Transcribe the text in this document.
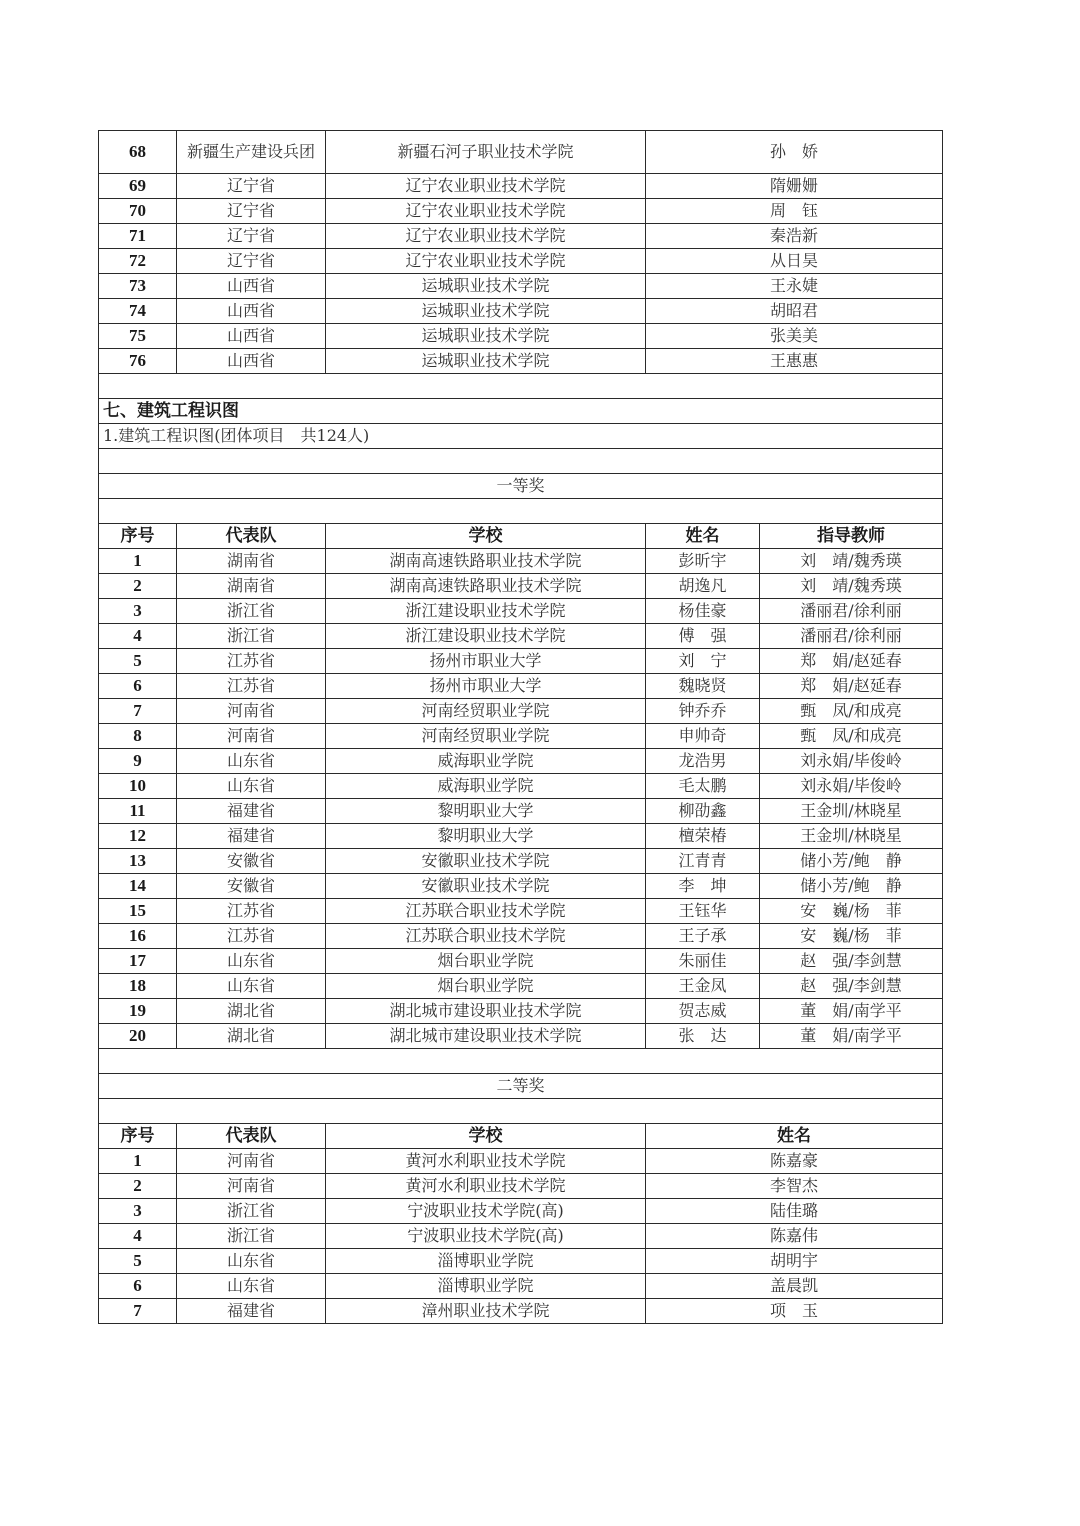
68	新疆生产建设兵团	新疆石河子职业技术学院	孙　娇	
69	辽宁省	辽宁农业职业技术学院	隋姗姗	
70	辽宁省	辽宁农业职业技术学院	周　钰	
71	辽宁省	辽宁农业职业技术学院	秦浩新	
72	辽宁省	辽宁农业职业技术学院	从日昊	
73	山西省	运城职业技术学院	王永婕	
74	山西省	运城职业技术学院	胡昭君	
75	山西省	运城职业技术学院	张美美	
76	山西省	运城职业技术学院	王惠惠	

七、建筑工程识图				
1.建筑工程识图(团体项目　共124人)				

一等奖				

序号	代表队	学校	姓名	指导教师
1	湖南省	湖南高速铁路职业技术学院	彭昕宇	刘　靖/魏秀瑛
2	湖南省	湖南高速铁路职业技术学院	胡逸凡	刘　靖/魏秀瑛
3	浙江省	浙江建设职业技术学院	杨佳豪	潘丽君/徐利丽
4	浙江省	浙江建设职业技术学院	傅　强	潘丽君/徐利丽
5	江苏省	扬州市职业大学	刘　宁	郑　娟/赵延春
6	江苏省	扬州市职业大学	魏晓贤	郑　娟/赵延春
7	河南省	河南经贸职业学院	钟乔乔	甄　凤/和成亮
8	河南省	河南经贸职业学院	申帅奇	甄　凤/和成亮
9	山东省	威海职业学院	龙浩男	刘永娟/毕俊岭
10	山东省	威海职业学院	毛太鹏	刘永娟/毕俊岭
11	福建省	黎明职业大学	柳劭鑫	王金圳/林晓星
12	福建省	黎明职业大学	檀荣椿	王金圳/林晓星
13	安徽省	安徽职业技术学院	江青青	储小芳/鲍　静
14	安徽省	安徽职业技术学院	李　坤	储小芳/鲍　静
15	江苏省	江苏联合职业技术学院	王钰华	安　巍/杨　菲
16	江苏省	江苏联合职业技术学院	王子承	安　巍/杨　菲
17	山东省	烟台职业学院	朱丽佳	赵　强/李剑慧
18	山东省	烟台职业学院	王金凤	赵　强/李剑慧
19	湖北省	湖北城市建设职业技术学院	贺志威	董　娟/南学平
20	湖北省	湖北城市建设职业技术学院	张　达	董　娟/南学平

二等奖				

序号	代表队	学校	姓名	
1	河南省	黄河水利职业技术学院	陈嘉豪	
2	河南省	黄河水利职业技术学院	李智杰	
3	浙江省	宁波职业技术学院(高)	陆佳璐	
4	浙江省	宁波职业技术学院(高)	陈嘉伟	
5	山东省	淄博职业学院	胡明宇	
6	山东省	淄博职业学院	盖晨凯	
7	福建省	漳州职业技术学院	项　玉	
